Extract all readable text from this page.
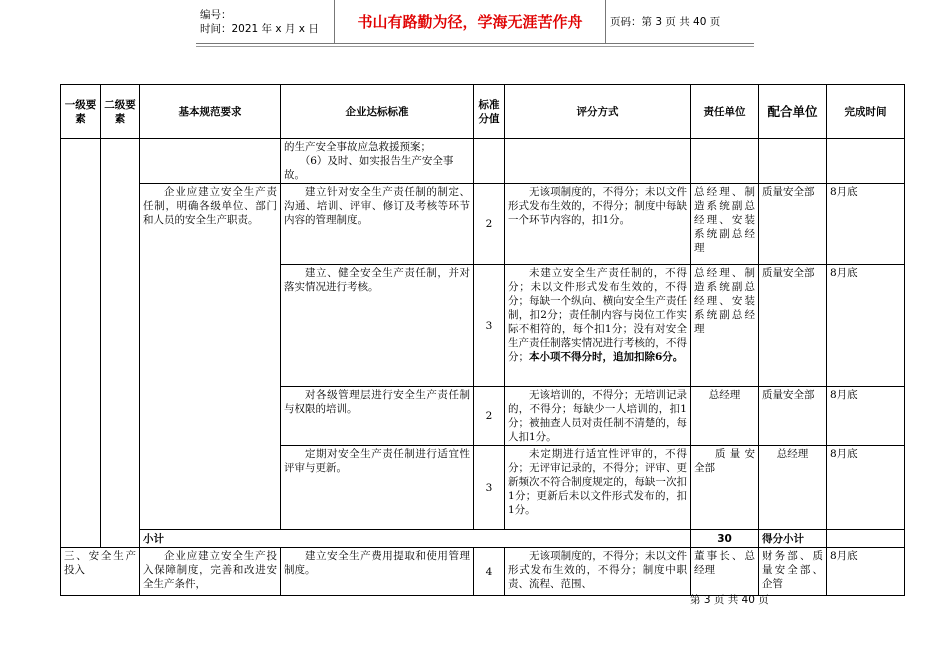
编号：
时间：2021 年 x 月 x 日	书山有路勤为径，学海无涯苦作舟	页码：第 3 页 共 40 页
一级要素	二级要素	基本规范要求	企业达标标准	标准分值	评分方式	责任单位	配合单位	完成时间	
			的生产安全事故应急救援预案；
　　（6）及时、如实报告生产安全事故。						
		企业应建立安全生产责任制，明确各级单位、部门和人员的安全生产职责。	建立针对安全生产责任制的制定、沟通、培训、评审、修订及考核等环节内容的管理制度。	2	无该项制度的，不得分；未以文件形式发布生效的，不得分；制度中每缺一个环节内容的，扣1分。	总经理、制造系统副总经理、安装系统副总经理	质量安全部	8月底	
			建立、健全安全生产责任制，并对落实情况进行考核。	3	未建立安全生产责任制的，不得分；未以文件形式发布生效的，不得分；每缺一个纵向、横向安全生产责任制，扣2分；责任制内容与岗位工作实际不相符的，每个扣1分；没有对安全生产责任制落实情况进行考核的，不得分；本小项不得分时，追加扣除6分。	总经理、制造系统副总经理、安装系统副总经理	质量安全部	8月底	
			对各级管理层进行安全生产责任制与权限的培训。	2	无该培训的，不得分；无培训记录的，不得分；每缺少一人培训的，扣1分；被抽查人员对责任制不清楚的，每人扣1分。	总经理	质量安全部	8月底	
			定期对安全生产责任制进行适宜性评审与更新。	3	未定期进行适宜性评审的，不得分；无评审记录的，不得分；评审、更新频次不符合制度规定的，每缺一次扣1分；更新后未以文件形式发布的，扣1分。	质量安全部	总经理	8月底	
		小计				30	得分小计			
三、安全生产投入		企业应建立安全生产投入保障制度，完善和改进安全生产条件，	建立安全生产费用提取和使用管理制度。	4	无该项制度的，不得分；未以文件形式发布生效的，不得分；制度中职责、流程、范围、	董事长、总经理	财务部、质量安全部、企管	8月底	
第 3 页 共 40 页
